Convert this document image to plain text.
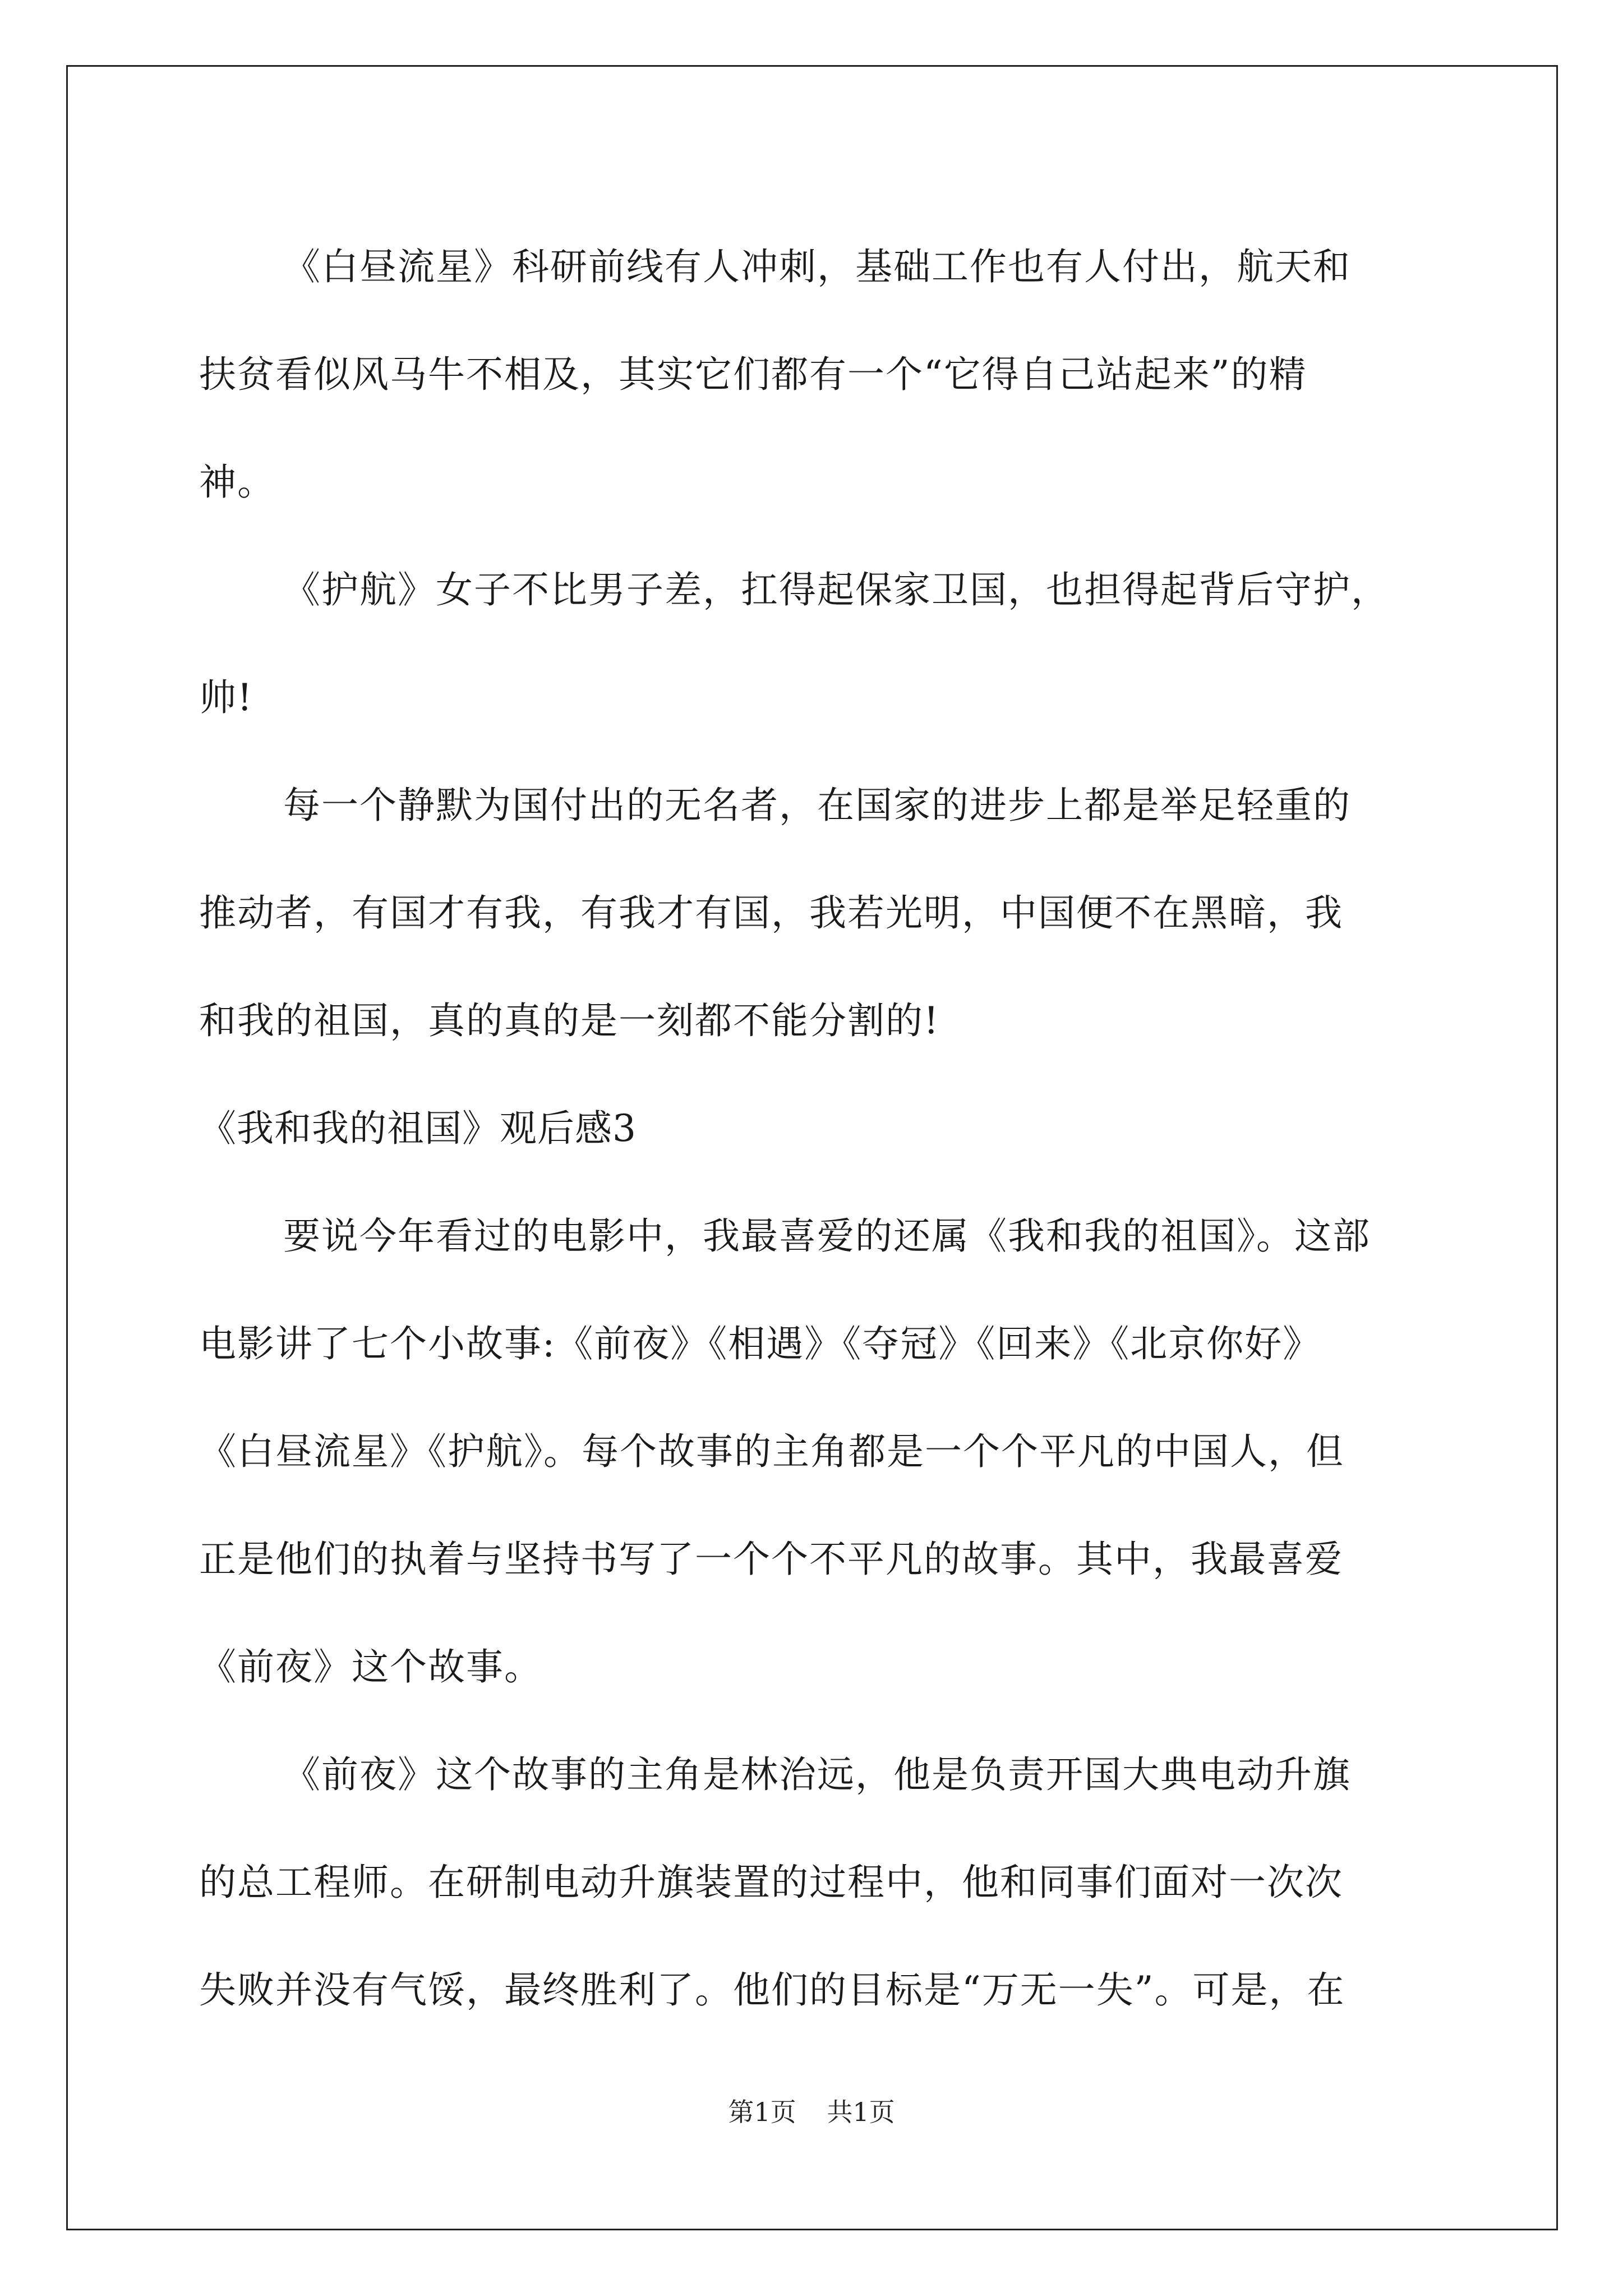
《白昼流星》科研前线有人冲刺，基础工作也有人付出，航天和
扶贫看似风马牛不相及，其实它们都有一个“它得自己站起来”的精
神。
《护航》女子不比男子差，扛得起保家卫国，也担得起背后守护，
帅!
每一个静默为国付出的无名者，在国家的进步上都是举足轻重的
推动者，有国才有我，有我才有国，我若光明，中国便不在黑暗，我
和我的祖国，真的真的是一刻都不能分割的!
《我和我的祖国》观后感3
要说今年看过的电影中，我最喜爱的还属《我和我的祖国》。这部
电影讲了七个小故事:《前夜》《相遇》《夺冠》《回来》《北京你好》
《白昼流星》《护航》。每个故事的主角都是一个个平凡的中国人，但
正是他们的执着与坚持书写了一个个不平凡的故事。其中，我最喜爱
《前夜》这个故事。
《前夜》这个故事的主角是林治远，他是负责开国大典电动升旗
的总工程师。在研制电动升旗装置的过程中，他和同事们面对一次次
失败并没有气馁，最终胜利了。他们的目标是“万无一失”。可是，在
第1页 共1页
